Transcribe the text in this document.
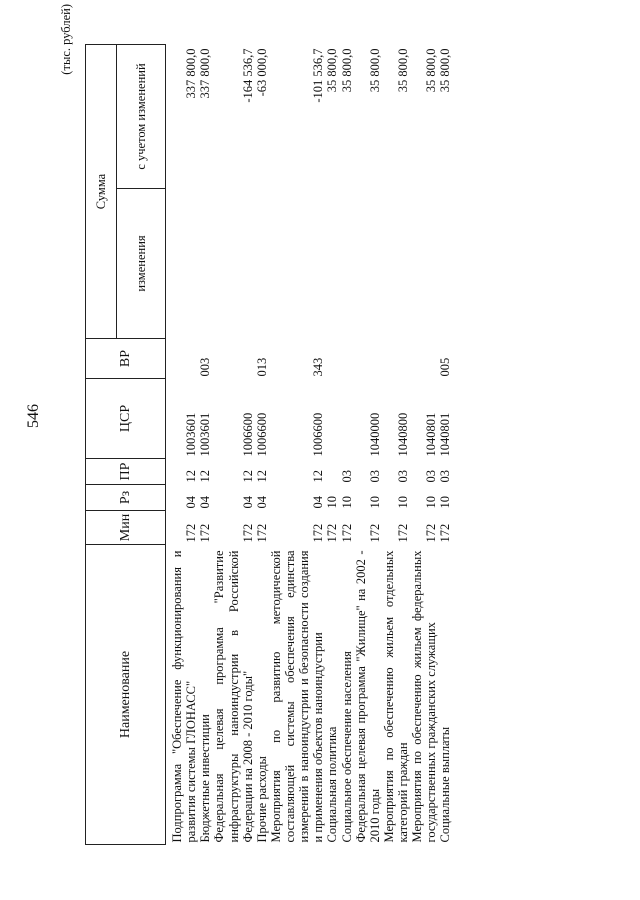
546
(тыс. рублей)
Наименование	Мин	Рз	ПР	ЦСР	ВР	Сумма	
						изменения	с учетом изменений
Подпрограмма "Обеспечение функционирования и развития системы ГЛОНАСС"	172	04	12	1003601			337 800,0
Бюджетные инвестиции	172	04	12	1003601	003		337 800,0
Федеральная целевая программа "Развитие инфраструктуры наноиндустрии в Российской Федерации на 2008 - 2010 годы"	172	04	12	1006600			-164 536,7
Прочие расходы	172	04	12	1006600	013		-63 000,0
Мероприятия по развитию методической составляющей системы обеспечения единства измерений в наноиндустрии и безопасности создания и применения объектов наноиндустрии	172	04	12	1006600	343		-101 536,7
Социальная политика	172	10					35 800,0
Социальное обеспечение населения	172	10	03				35 800,0
Федеральная целевая программа "Жилище" на 2002 - 2010 годы	172	10	03	1040000			35 800,0
Мероприятия по обеспечению жильем отдельных категорий граждан	172	10	03	1040800			35 800,0
Мероприятия по обеспечению жильем федеральных государственных гражданских служащих	172	10	03	1040801			35 800,0
Социальные выплаты	172	10	03	1040801	005		35 800,0
